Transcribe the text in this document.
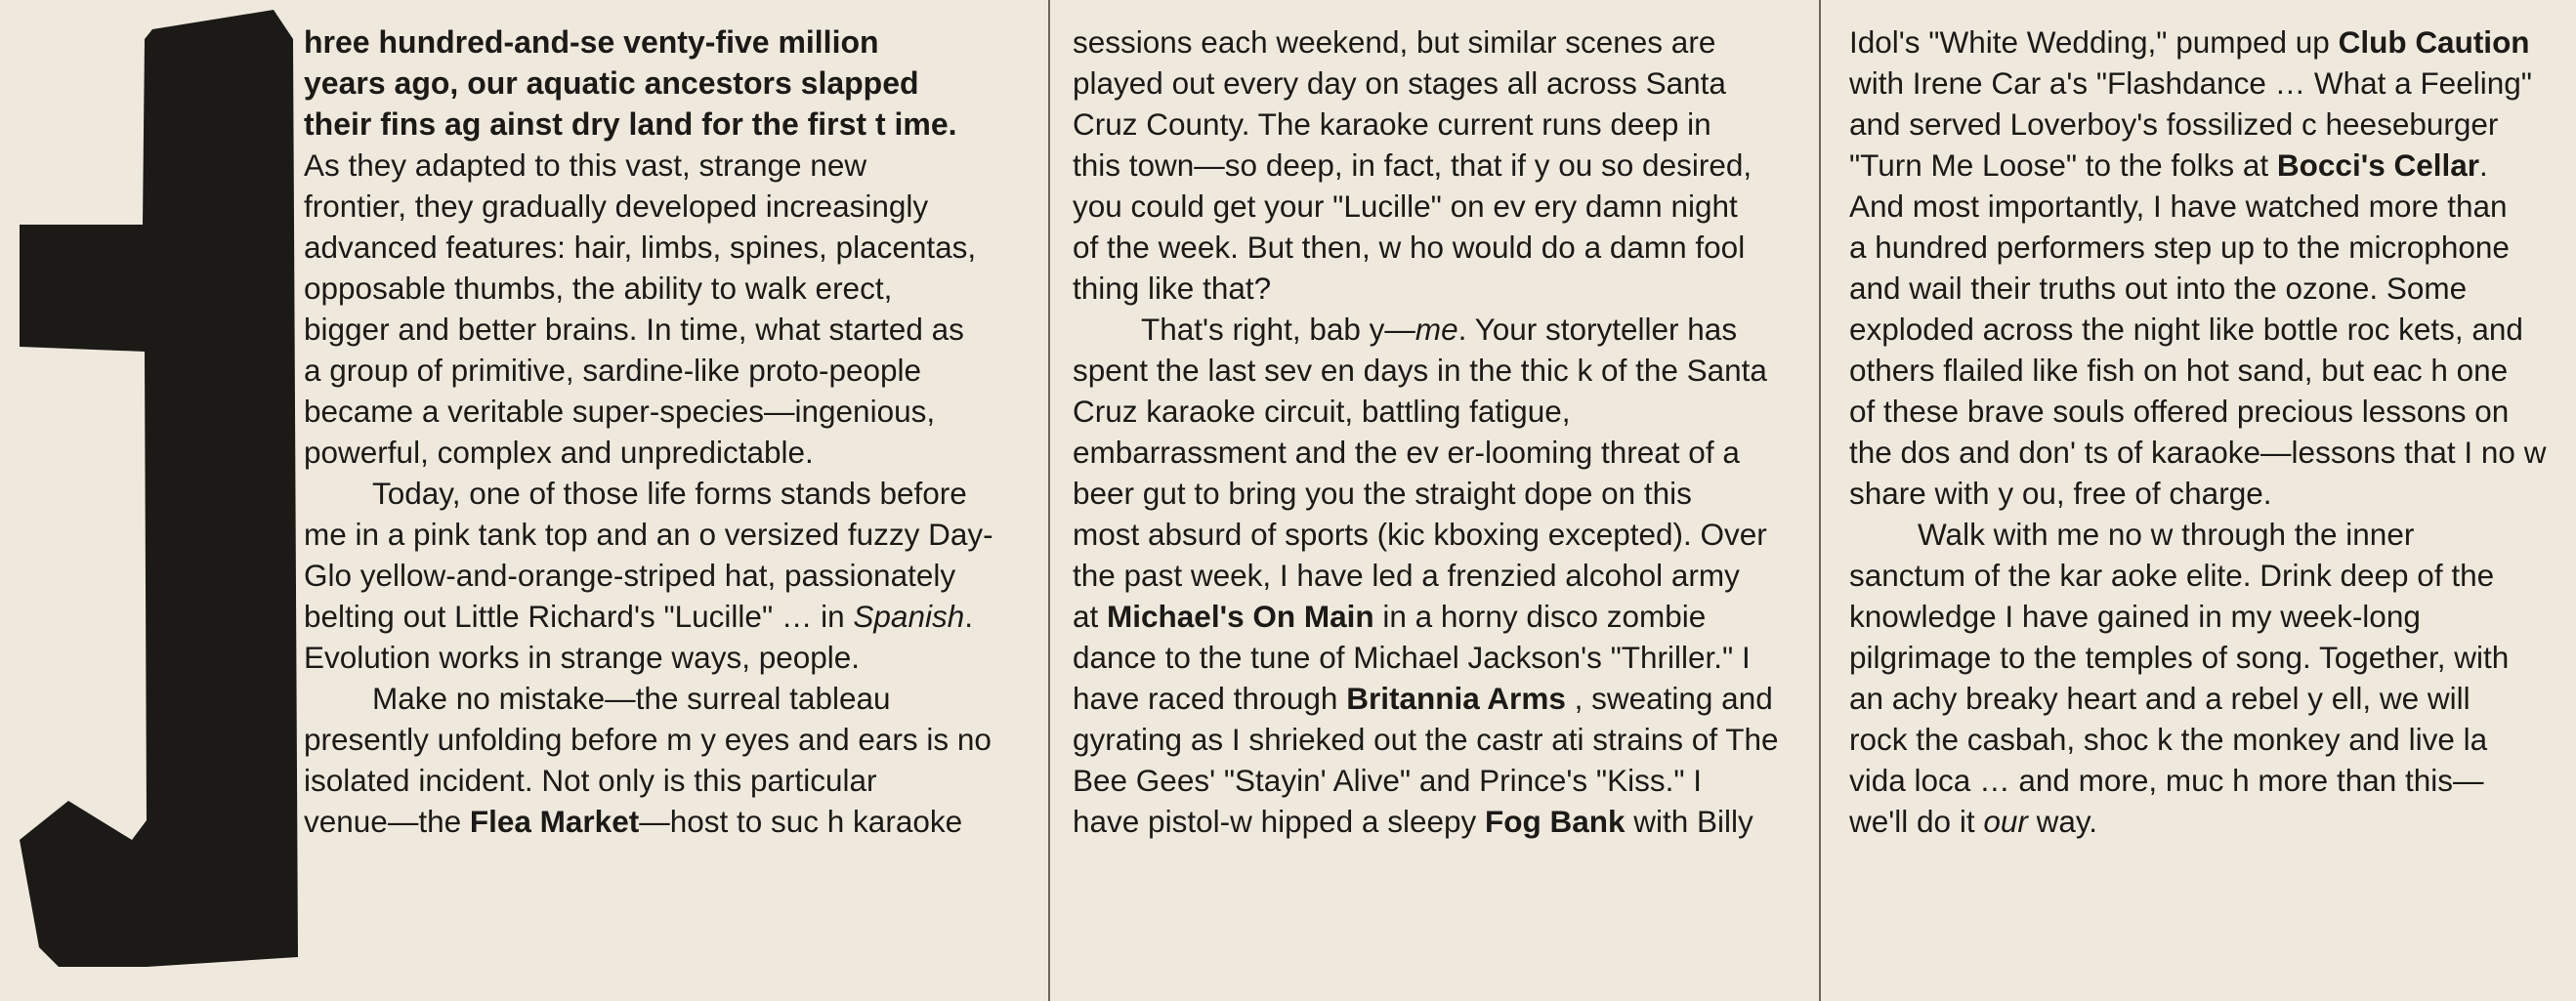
hree hundred-and-se venty-five million

years ago, our aquatic ancestors slapped

their fins ag ainst dry land for the first t ime.

As they adapted to this vast, strange new

frontier, they gradually developed increasingly

advanced features: hair, limbs, spines, placentas,

opposable thumbs, the ability to walk erect,

bigger and better brains. In time, what started as

a group of primitive, sardine-like proto-people

became a veritable super-species—ingenious,

powerful, complex and unpredictable.

Today, one of those life forms stands before

me in a pink tank top and an o versized fuzzy Day-

Glo yellow-and-orange-striped hat, passionately

belting out Little Richard's "Lucille" … in Spanish.

Evolution works in strange ways, people.

Make no mistake—the surreal tableau

presently unfolding before m y eyes and ears is no

isolated incident. Not only is this particular

venue—the Flea Market—host to suc h karaoke

sessions each weekend, but similar scenes are

played out every day on stages all across Santa

Cruz County. The karaoke current runs deep in

this town—so deep, in fact, that if y ou so desired,

you could get your "Lucille" on ev ery damn night

of the week. But then, w ho would do a damn fool

thing like that?

That's right, bab y—me. Your storyteller has

spent the last sev en days in the thic k of the Santa

Cruz karaoke circuit, battling fatigue,

embarrassment and the ev er-looming threat of a

beer gut to bring you the straight dope on this

most absurd of sports (kic kboxing excepted). Over

the past week, I have led a frenzied alcohol army

at Michael's On Main in a horny disco zombie

dance to the tune of Michael Jackson's "Thriller." I

have raced through Britannia Arms , sweating and

gyrating as I shrieked out the castr ati strains of The

Bee Gees' "Stayin' Alive" and Prince's "Kiss." I

have pistol-w hipped a sleepy Fog Bank with Billy

Idol's "White Wedding," pumped up Club Caution

with Irene Car a's "Flashdance … What a Feeling"

and served Loverboy's fossilized c heeseburger

"Turn Me Loose" to the folks at Bocci's Cellar.

And most importantly, I have watched more than

a hundred performers step up to the microphone

and wail their truths out into the ozone. Some

exploded across the night like bottle roc kets, and

others flailed like fish on hot sand, but eac h one

of these brave souls offered precious lessons on

the dos and don' ts of karaoke—lessons that I no w

share with y ou, free of charge.

Walk with me no w through the inner

sanctum of the kar aoke elite. Drink deep of the

knowledge I have gained in my week-long

pilgrimage to the temples of song. Together, with

an achy breaky heart and a rebel y ell, we will

rock the casbah, shoc k the monkey and live la

vida loca … and more, muc h more than this—

we'll do it our way.
